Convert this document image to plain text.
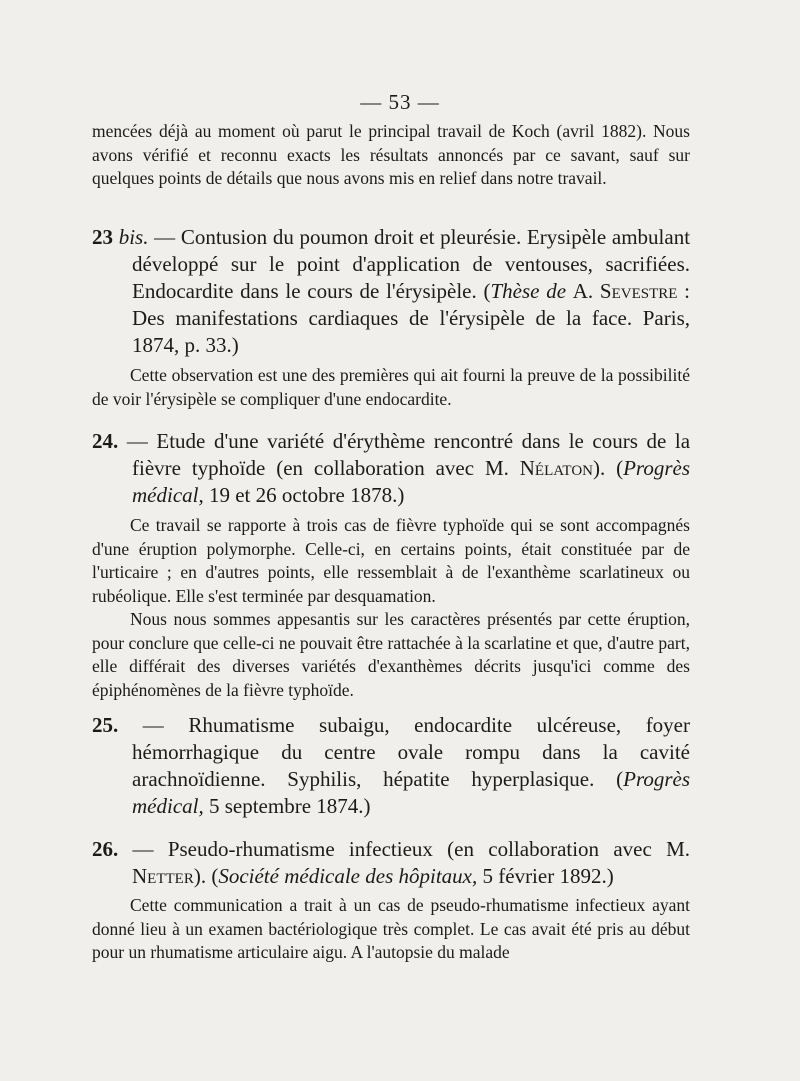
— 53 —
mencées déjà au moment où parut le principal travail de Koch (avril 1882). Nous avons vérifié et reconnu exacts les résultats annoncés par ce savant, sauf sur quelques points de détails que nous avons mis en relief dans notre travail.
23 bis. — Contusion du poumon droit et pleurésie. Erysipèle ambulant développé sur le point d'application de ventouses, sacrifiées. Endocardite dans le cours de l'érysipèle. (Thèse de A. Sevestre : Des manifestations cardiaques de l'érysipèle de la face. Paris, 1874, p. 33.)
Cette observation est une des premières qui ait fourni la preuve de la possibilité de voir l'érysipèle se compliquer d'une endocardite.
24. — Etude d'une variété d'érythème rencontré dans le cours de la fièvre typhoïde (en collaboration avec M. Nélaton). (Progrès médical, 19 et 26 octobre 1878.)
Ce travail se rapporte à trois cas de fièvre typhoïde qui se sont accompagnés d'une éruption polymorphe. Celle-ci, en certains points, était constituée par de l'urticaire ; en d'autres points, elle ressemblait à de l'exanthème scarlatineux ou rubéolique. Elle s'est terminée par desquamation.
Nous nous sommes appesantis sur les caractères présentés par cette éruption, pour conclure que celle-ci ne pouvait être rattachée à la scarlatine et que, d'autre part, elle différait des diverses variétés d'exanthèmes décrits jusqu'ici comme des épiphénomènes de la fièvre typhoïde.
25. — Rhumatisme subaigu, endocardite ulcéreuse, foyer hémorrhagique du centre ovale rompu dans la cavité arachnoïdienne. Syphilis, hépatite hyperplasique. (Progrès médical, 5 septembre 1874.)
26. — Pseudo-rhumatisme infectieux (en collaboration avec M. Netter). (Société médicale des hôpitaux, 5 février 1892.)
Cette communication a trait à un cas de pseudo-rhumatisme infectieux ayant donné lieu à un examen bactériologique très complet. Le cas avait été pris au début pour un rhumatisme articulaire aigu. A l'autopsie du malade
